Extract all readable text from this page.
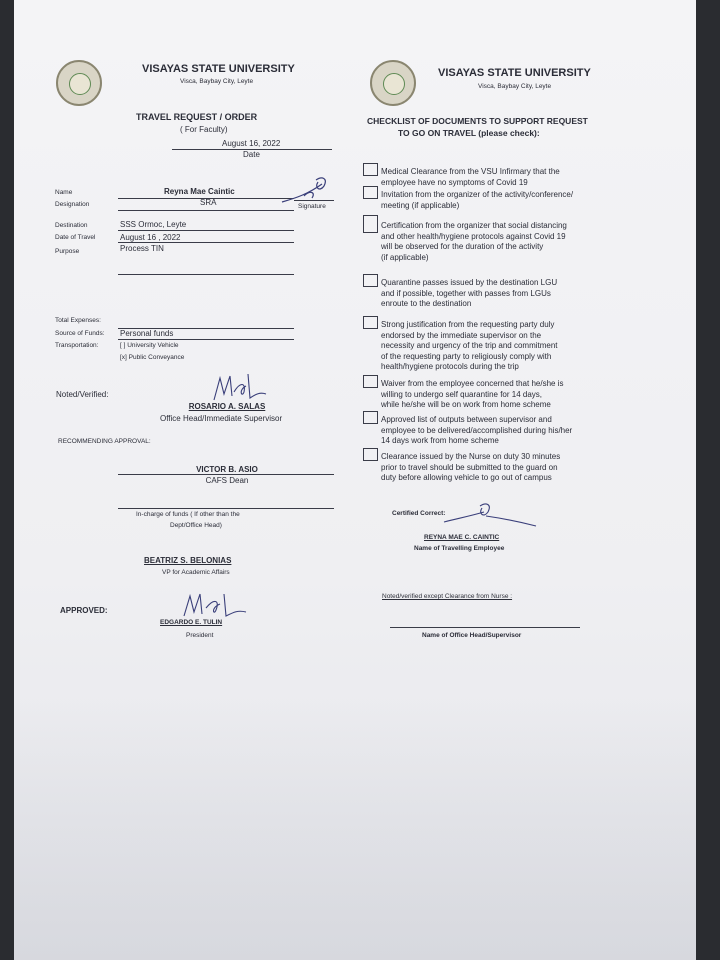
VISAYAS STATE UNIVERSITY
Visca, Baybay City, Leyte
TRAVEL REQUEST / ORDER
( For Faculty)
August 16, 2022
Date
Name	Reyna Mae Caintic
Designation	SRA	Signature
Destination	SSS Ormoc, Leyte
Date of Travel	August 16 , 2022
Purpose	Process TIN
Total Expenses:
Source of Funds: Personal funds
Transportation:	[ ] University Vehicle
[x] Public Conveyance
Noted/Verified:
ROSARIO A. SALAS
Office Head/Immediate Supervisor
RECOMMENDING APPROVAL:
VICTOR B. ASIO
CAFS Dean
In-charge of funds ( If other than the
Dept/Office Head)
BEATRIZ S. BELONIAS
VP for Academic Affairs
APPROVED:
EDGARDO E. TULIN
President
VISAYAS STATE UNIVERSITY
Visca, Baybay City, Leyte
CHECKLIST OF DOCUMENTS TO SUPPORT REQUEST
TO GO ON TRAVEL (please check):
Medical Clearance from the VSU Infirmary that the
employee have no symptoms of Covid 19
Invitation from the organizer of the activity/conference/
meeting (if applicable)
Certification from the organizer that social distancing
and other health/hygiene protocols against Covid 19
will be observed for the duration of the activity
(if applicable)
Quarantine passes issued by the destination LGU
and if possible, together with passes from LGUs
enroute to the destination
Strong justification from the requesting party duly
endorsed by the immediate supervisor on the
necessity and urgency of the trip and commitment
of the requesting party to religiously comply with
health/hygiene protocols during the trip
Waiver from the employee concerned that he/she is
willing to undergo self quarantine for 14 days,
while he/she will be on work from home scheme
Approved list of outputs between supervisor and
employee to be delivered/accomplished during his/her
14 days work from home scheme
Clearance issued by the Nurse on duty 30 minutes
prior to travel should be submitted to the guard on
duty before allowing vehicle to go out of campus
Certified Correct:
REYNA MAE C. CAINTIC
Name of Travelling Employee
Noted/verified except Clearance from Nurse :
Name of Office Head/Supervisor
